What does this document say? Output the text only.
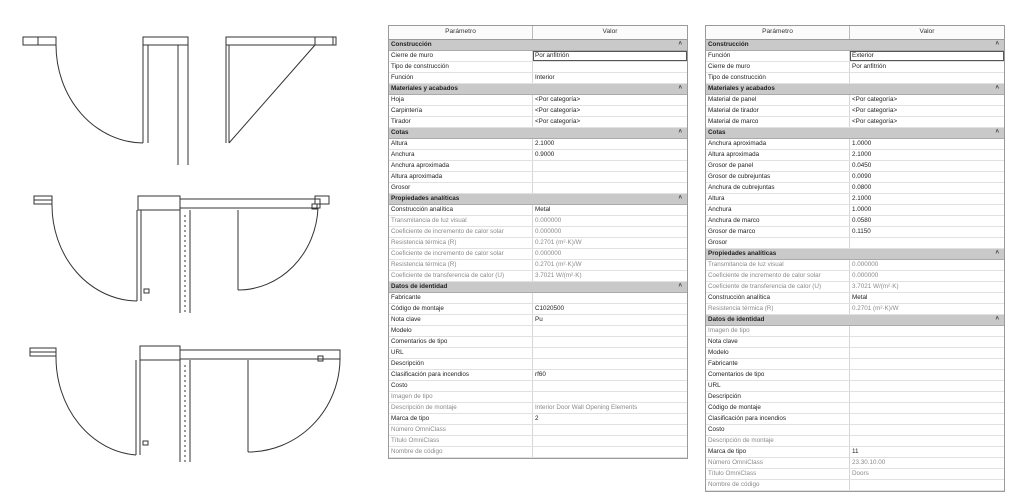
Parámetro	Valor
Construcción	˄
Cierre de muro	Por anfitrión
Tipo de construcción
Función	Interior
Materiales y acabados	˄
Hoja	<Por categoría>
Carpintería	<Por categoría>
Tirador	<Por categoría>
Cotas	˄
Altura	2.1000
Anchura	0.9000
Anchura aproximada
Altura aproximada
Grosor
Propiedades analíticas	˄
Construcción analítica	Metal
Transmitancia de luz visual	0.000000
Coeficiente de incremento de calor solar	0.000000
Resistencia térmica (R)	0.2701 (m²·K)/W
Coeficiente de incremento de calor solar	0.000000
Resistencia térmica (R)	0.2701 (m²·K)/W
Coeficiente de transferencia de calor (U)	3.7021 W/(m²·K)
Datos de identidad	˄
Fabricante
Código de montaje	C1020500
Nota clave	Pu
Modelo
Comentarios de tipo
URL
Descripción
Clasificación para incendios	rf60
Costo
Imagen de tipo
Descripción de montaje	Interior Door Wall Opening Elements
Marca de tipo	2
Número OmniClass
Título OmniClass
Nombre de código
Parámetro	Valor
Construcción	˄
Función	Exterior
Cierre de muro	Por anfitrión
Tipo de construcción
Materiales y acabados	˄
Material de panel	<Por categoría>
Material de tirador	<Por categoría>
Material de marco	<Por categoría>
Cotas	˄
Anchura aproximada	1.0000
Altura aproximada	2.1000
Grosor de panel	0.0450
Grosor de cubrejuntas	0.0090
Anchura de cubrejuntas	0.0800
Altura	2.1000
Anchura	1.0000
Anchura de marco	0.0580
Grosor de marco	0.1150
Grosor
Propiedades analíticas	˄
Transmitancia de luz visual	0.000000
Coeficiente de incremento de calor solar	0.000000
Coeficiente de transferencia de calor (U)	3.7021 W/(m²·K)
Construcción analítica	Metal
Resistencia térmica (R)	0.2701 (m²·K)/W
Datos de identidad	˄
Imagen de tipo
Nota clave
Modelo
Fabricante
Comentarios de tipo
URL
Descripción
Código de montaje
Clasificación para incendios
Costo
Descripción de montaje
Marca de tipo	11
Número OmniClass	23.30.10.00
Título OmniClass	Doors
Nombre de código
